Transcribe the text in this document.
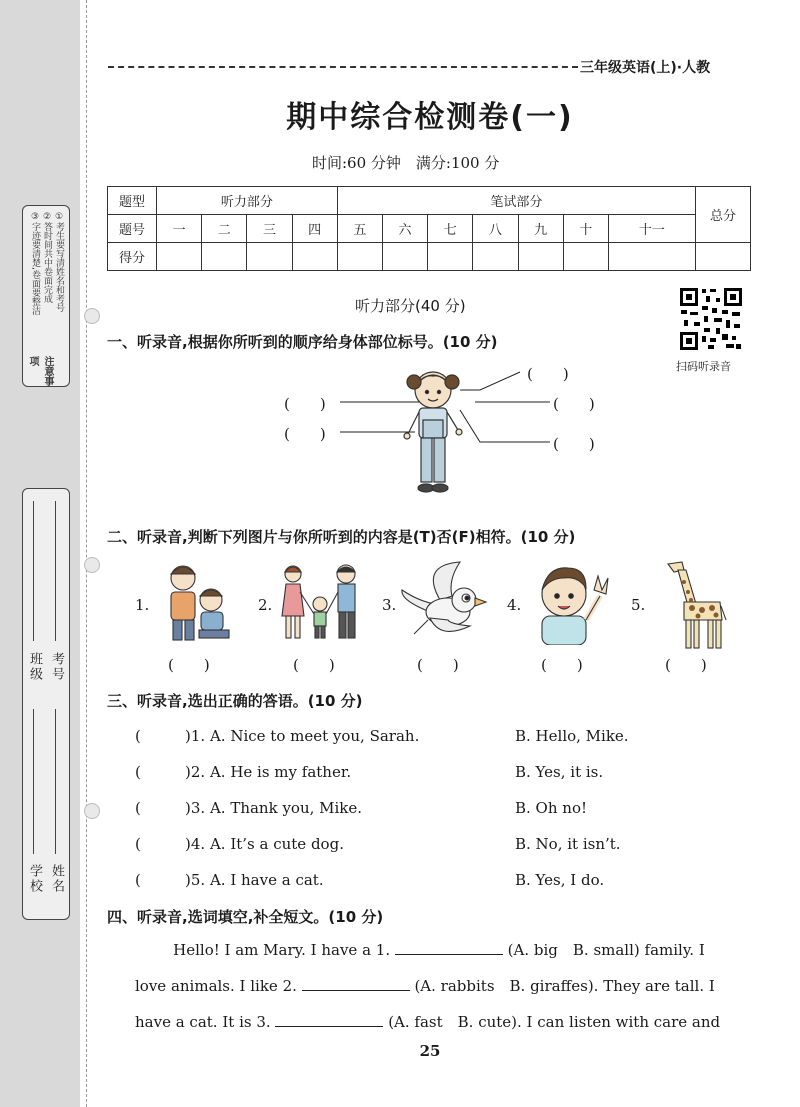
注意事项
①考生要写清姓名和考号
②答时间共中卷面完成
③字迹要清楚,卷面要整洁
学校 姓名
班级 考号
三年级英语(上)·人教
期中综合检测卷(一)
时间:60 分钟　满分:100 分
题型	听力部分				笔试部分							总分
题号	一	二	三	四	五	六	七	八	九	十	十一	
得分												
听力部分(40 分)
扫码听录音
一、听录音,根据你所听到的顺序给身体部位标号。(10 分)
(　　)
(　　)	(　　)
(　　)
(　　)
二、听录音,判断下列图片与你所听到的内容是(T)否(F)相符。(10 分)
1.	2.	3.	4.	5.
(　　)	(　　)	(　　)	(　　)	(　　)
三、听录音,选出正确的答语。(10 分)
(	)1. A. Nice to meet you, Sarah.	B. Hello, Mike.
(	)2. A. He is my father.	B. Yes, it is.
(	)3. A. Thank you, Mike.	B. Oh no!
(	)4. A. It’s a cute dog.	B. No, it isn’t.
(	)5. A. I have a cat.	B. Yes, I do.
四、听录音,选词填空,补全短文。(10 分)
Hello! I am Mary. I have a 1.	(A. big　B. small) family. I
love animals. I like 2.	(A. rabbits　B. giraffes). They are tall. I
have a cat. It is 3.	(A. fast　B. cute). I can listen with care and
25
